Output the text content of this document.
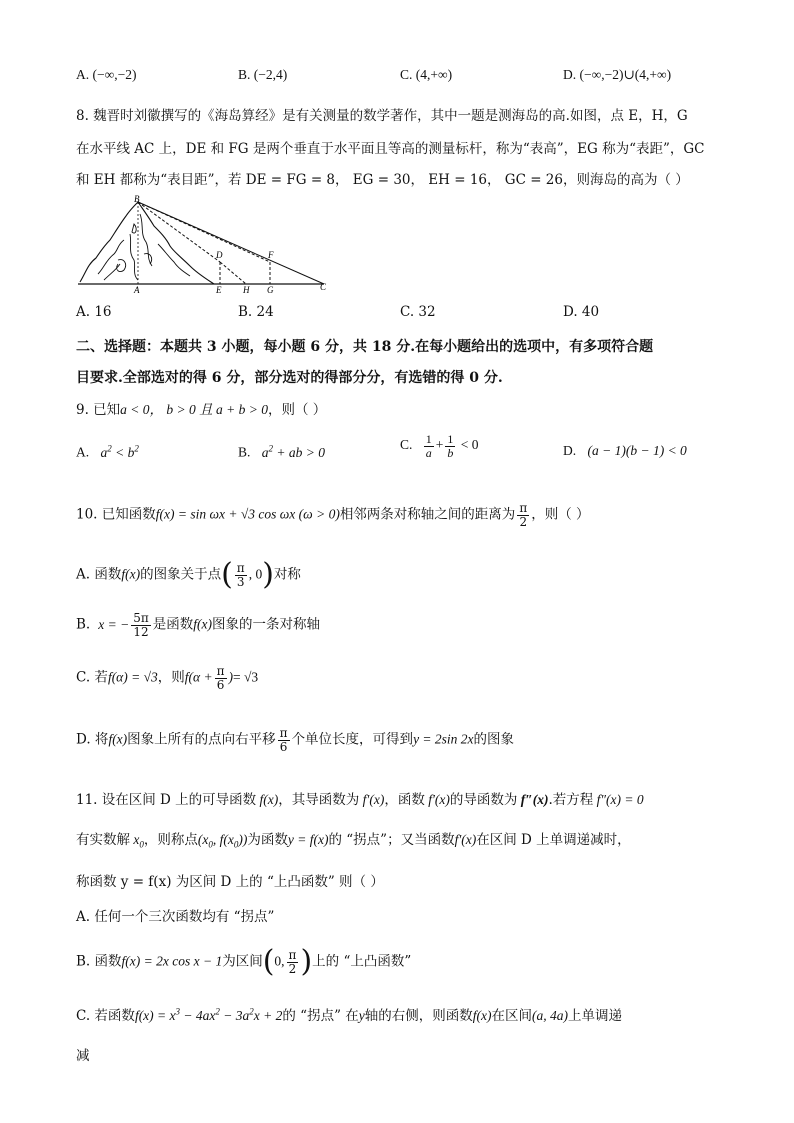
A. (−∞,−2)	B. (−2,4)	C. (4,+∞)	D. (−∞,−2)∪(4,+∞)
8. 魏晋时刘徽撰写的《海岛算经》是有关测量的数学著作，其中一题是测海岛的高.如图，点 E，H，G
在水平线 AC 上，DE 和 FG 是两个垂直于水平面且等高的测量标杆，称为“表高”，EG 称为“表距”，GC
和 EH 都称为“表目距”，若 DE = FG = 8， EG = 30， EH = 16， GC = 26，则海岛的高为（ ）
B
D	F
A	E H G	C
A. 16	B. 24	C. 32	D. 40
二、选择题：本题共 3 小题，每小题 6 分，共 18 分.在每小题给出的选项中，有多项符合题
目要求.全部选对的得 6 分，部分选对的得部分分，有选错的得 0 分.
9. 已知a < 0， b > 0 且 a + b > 0，则（ ）
A. $a^2 < b^2$	B. $a^2$ + ab > 0	C. $\frac{1}{a} + \frac{1}{b} < 0$	D. (a − 1)(b − 1) < 0
10. 已知函数f(x) = sin ωx + √3 cos ωx (ω > 0)相邻两条对称轴之间的距离为 $\frac{\pi}{2}$ ，则（ ）
A. 函数f(x)的图象关于点( $\frac{\pi}{3}$ , 0)对称
B. x = − $\frac{5\pi}{12}$ 是函数f(x)图象的一条对称轴
C. 若f(α) = √3，则$f(\alpha + \frac{\pi}{6}$ )= √3
D. 将f(x)图象上所有的点向右平移 $\frac{\pi}{6}$ 个单位长度，可得到y = 2sin 2x的图象
11. 设在区间 D 上的可导函数 f(x)，其导函数为 f′(x)，函数 f′(x)的导函数为 f″(x).若方程 f″(x) = 0
有实数解 $x_0$，则称点($x_0$, $f(x_0)$)为函数y = f(x)的 “拐点”；又当函数f′(x)在区间 D 上单调递减时，
称函数 y = f(x) 为区间 D 上的 “上凸函数” 则（ ）
A. 任何一个三次函数均有 “拐点”
B. 函数f(x) = 2x cos x − 1为区间(0, $\frac{\pi}{2}$ )上的 “上凸函数”
C. 若函数$f(x) = x^3 - 4ax^2 - 3a^2x + 2$的 “拐点” 在y轴的右侧，则函数f(x)在区间(a, 4a)上单调递
减
